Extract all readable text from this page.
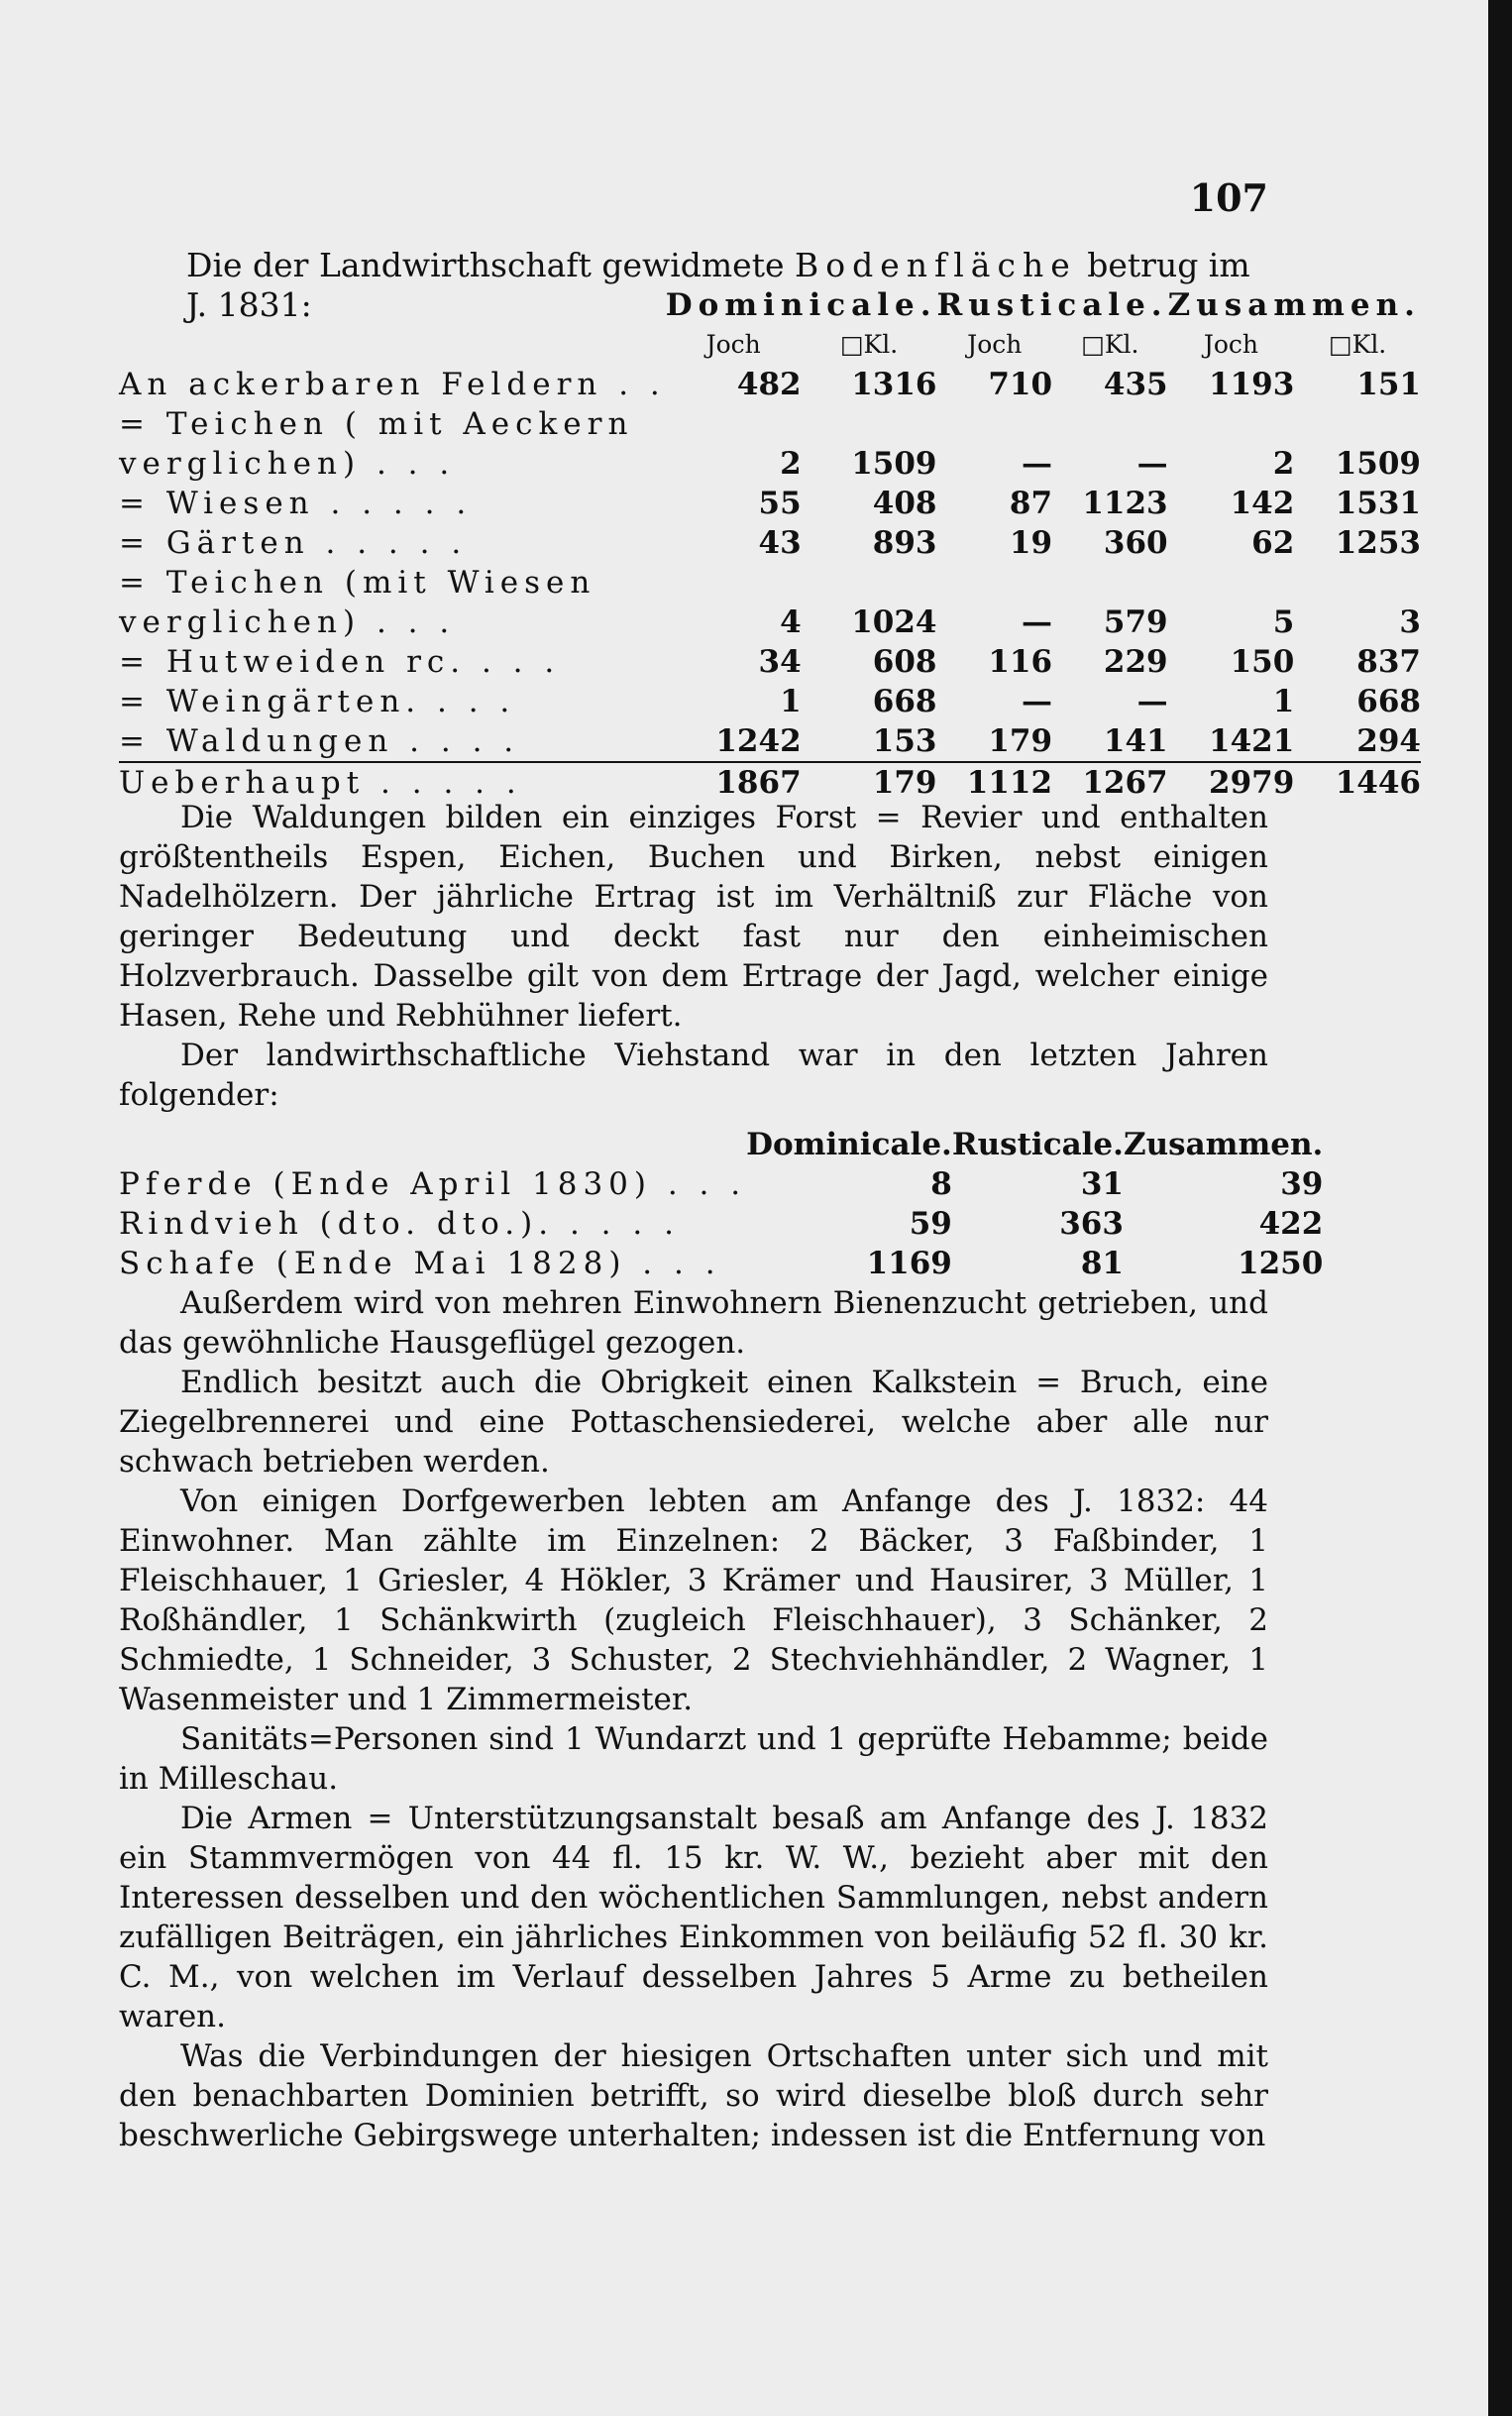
107
Die der Landwirthschaft gewidmete Bodenfläche betrug im J. 1831:
		Dominicale.		Rusticale.		Zusammen.	
	Joch	□Kl.	Joch	□Kl.	Joch	□Kl.
An ackerbaren Feldern . .	482	1316	710	435	1193	151
= Teichen ( mit Aeckern						
verglichen) . . .	2	1509	—	—	2	1509
= Wiesen . . . . .	55	408	87	1123	142	1531
= Gärten . . . . .	43	893	19	360	62	1253
= Teichen (mit Wiesen						
verglichen) . . .	4	1024	—	579	5	3
= Hutweiden rc. . . .	34	608	116	229	150	837
= Weingärten. . . .	1	668	—	—	1	668
= Waldungen . . . .	1242	153	179	141	1421	294
Ueberhaupt . . . . .	1867	179	1112	1267	2979	1446

Die Waldungen bilden ein einziges Forst = Revier und enthalten größtentheils Espen, Eichen, Buchen und Birken, nebst einigen Nadelhölzern. Der jährliche Ertrag ist im Verhältniß zur Fläche von geringer Bedeutung und deckt fast nur den einheimischen Holzverbrauch. Dasselbe gilt von dem Ertrage der Jagd, welcher einige Hasen, Rehe und Rebhühner liefert.

Der landwirthschaftliche Viehstand war in den letzten Jahren folgender:

	Dominicale.	Rusticale.	Zusammen.
Pferde (Ende April 1830) . . .	8	31	39
Rindvieh (dto. dto.). . . . .	59	363	422
Schafe (Ende Mai 1828) . . .	1169	81	1250

Außerdem wird von mehren Einwohnern Bienenzucht getrieben, und das gewöhnliche Hausgeflügel gezogen.

Endlich besitzt auch die Obrigkeit einen Kalkstein = Bruch, eine Ziegelbrennerei und eine Pottaschensiederei, welche aber alle nur schwach betrieben werden.

Von einigen Dorfgewerben lebten am Anfange des J. 1832: 44 Einwohner. Man zählte im Einzelnen: 2 Bäcker, 3 Faßbinder, 1 Fleischhauer, 1 Griesler, 4 Hökler, 3 Krämer und Hausirer, 3 Müller, 1 Roßhändler, 1 Schänkwirth (zugleich Fleischhauer), 3 Schänker, 2 Schmiedte, 1 Schneider, 3 Schuster, 2 Stechviehhändler, 2 Wagner, 1 Wasenmeister und 1 Zimmermeister.

Sanitäts=Personen sind 1 Wundarzt und 1 geprüfte Hebamme; beide in Milleschau.

Die Armen = Unterstützungsanstalt besaß am Anfange des J. 1832 ein Stammvermögen von 44 fl. 15 kr. W. W., bezieht aber mit den Interessen desselben und den wöchentlichen Sammlungen, nebst andern zufälligen Beiträgen, ein jährliches Einkommen von beiläufig 52 fl. 30 kr. C. M., von welchen im Verlauf desselben Jahres 5 Arme zu betheilen waren.

Was die Verbindungen der hiesigen Ortschaften unter sich und mit den benachbarten Dominien betrifft, so wird dieselbe bloß durch sehr beschwerliche Gebirgswege unterhalten; indessen ist die Entfernung von
